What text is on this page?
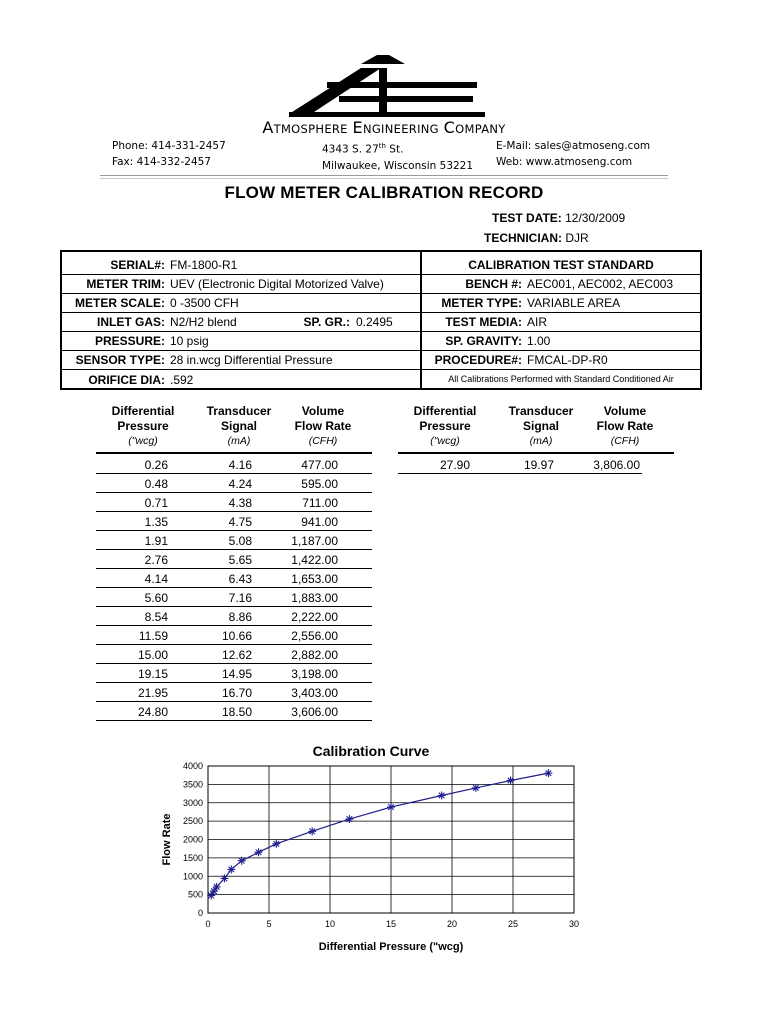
ATMOSPHERE ENGINEERING COMPANY
Phone: 414-331-2457
Fax: 414-332-2457
4343 S. 27th St.
Milwaukee, Wisconsin 53221
E-Mail: sales@atmoseng.com
Web: www.atmoseng.com
FLOW METER CALIBRATION RECORD
TEST DATE: 12/30/2009
TECHNICIAN: DJR
SERIAL#: FM-1800-R1
METER TRIM: UEV (Electronic Digital Motorized Valve)
METER SCALE: 0 -3500 CFH
INLET GAS: N2/H2 blend	SP. GR.: 0.2495
PRESSURE: 10 psig
SENSOR TYPE: 28 in.wcg Differential Pressure
ORIFICE DIA: .592
CALIBRATION TEST STANDARD
BENCH #: AEC001, AEC002, AEC003
METER TYPE: VARIABLE AREA
TEST MEDIA: AIR
SP. GRAVITY: 1.00
PROCEDURE#: FMCAL-DP-R0
All Calibrations Performed with Standard Conditioned Air
Differential
Pressure
("wcg)
Transducer
Signal
(mA)
Volume
Flow Rate
(CFH)
0.26	4.16	477.00
0.48	4.24	595.00
0.71	4.38	711.00
1.35	4.75	941.00
1.91	5.08	1,187.00
2.76	5.65	1,422.00
4.14	6.43	1,653.00
5.60	7.16	1,883.00
8.54	8.86	2,222.00
11.59	10.66	2,556.00
15.00	12.62	2,882.00
19.15	14.95	3,198.00
21.95	16.70	3,403.00
24.80	18.50	3,606.00
Differential
Pressure
("wcg)
Transducer
Signal
(mA)
Volume
Flow Rate
(CFH)
27.90	19.97	3,806.00
Calibration Curve
0
500
1000
1500
2000
2500
3000
3500
4000
0	5	10	15	20	25	30
Differential Pressure ("wcg)
Flow Rate
